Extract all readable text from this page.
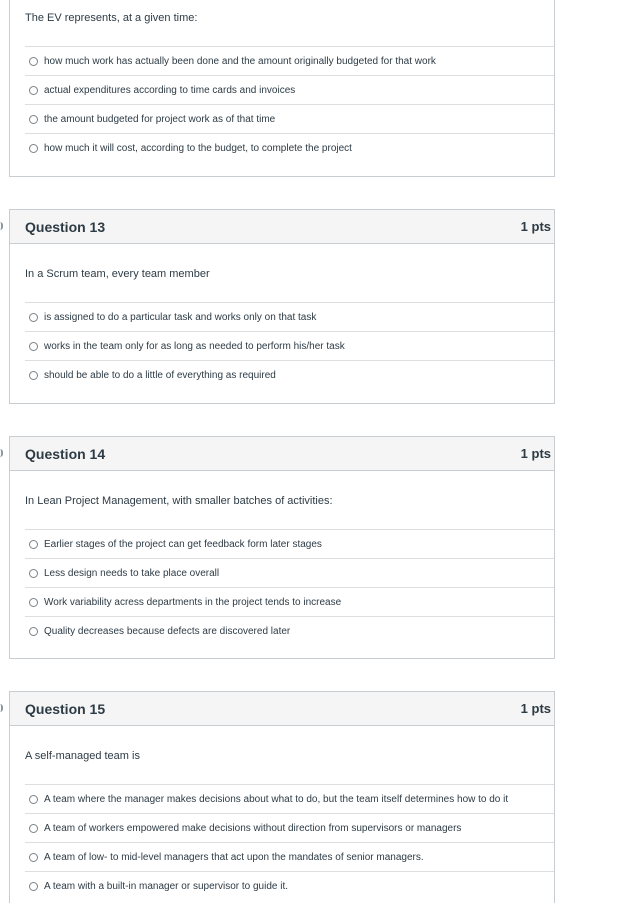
The EV represents, at a given time:
how much work has actually been done and the amount originally budgeted for that work
actual expenditures according to time cards and invoices
the amount budgeted for project work as of that time
how much it will cost, according to the budget, to complete the project
Question 13	1 pts
In a Scrum team, every team member
is assigned to do a particular task and works only on that task
works in the team only for as long as needed to perform his/her task
should be able to do a little of everything as required
Question 14	1 pts
In Lean Project Management, with smaller batches of activities:
Earlier stages of the project can get feedback form later stages
Less design needs to take place overall
Work variability acress departments in the project tends to increase
Quality decreases because defects are discovered later
Question 15	1 pts
A self-managed team is
A team where the manager makes decisions about what to do, but the team itself determines how to do it
A team of workers empowered make decisions without direction from supervisors or managers
A team of low- to mid-level managers that act upon the mandates of senior managers.
A team with a built-in manager or supervisor to guide it.
